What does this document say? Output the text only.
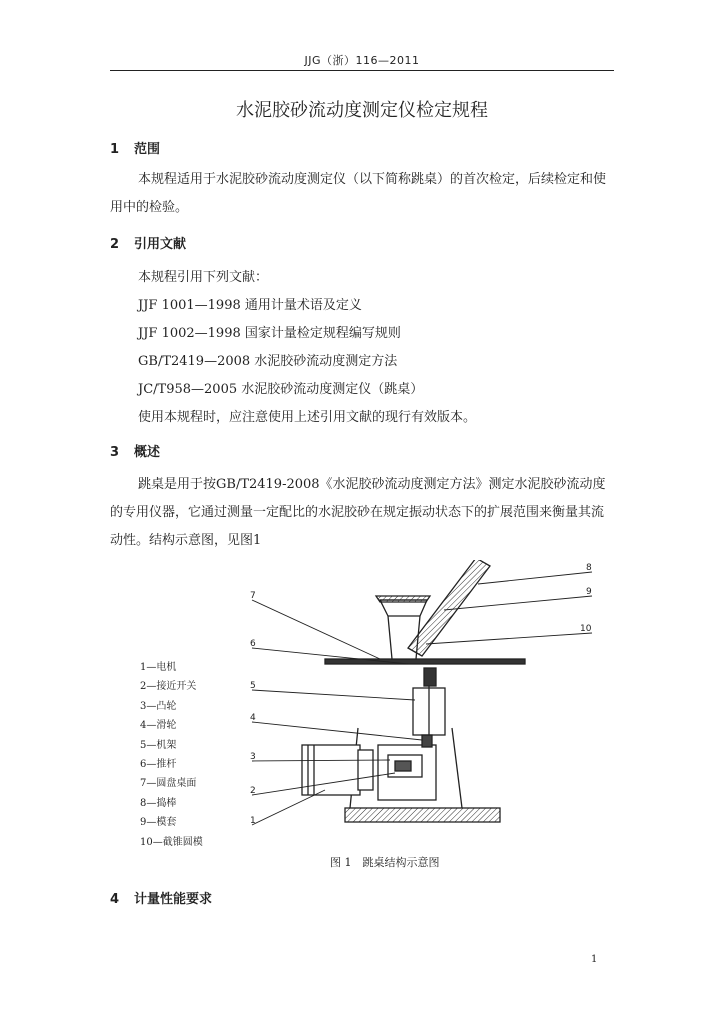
JJG（浙）116—2011
水泥胶砂流动度测定仪检定规程
1 范围
本规程适用于水泥胶砂流动度测定仪（以下简称跳桌）的首次检定，后续检定和使用中的检验。
2 引用文献
本规程引用下列文献：
JJF 1001—1998 通用计量术语及定义
JJF 1002—1998 国家计量检定规程编写规则
GB/T2419—2008 水泥胶砂流动度测定方法
JC/T958—2005 水泥胶砂流动度测定仪（跳桌）
使用本规程时，应注意使用上述引用文献的现行有效版本。
3 概述
跳桌是用于按GB/T2419-2008《水泥胶砂流动度测定方法》测定水泥胶砂流动度的专用仪器，它通过测量一定配比的水泥胶砂在规定振动状态下的扩展范围来衡量其流动性。结构示意图，见图1
1—电机
2—接近开关
3—凸轮
4—滑轮
5—机架
6—推杆
7—圆盘桌面
8—捣棒
9—模套
10—截锥圆模
7
6
5
4
3
2
1
8
9
10
图 1　跳桌结构示意图
4 计量性能要求
1
